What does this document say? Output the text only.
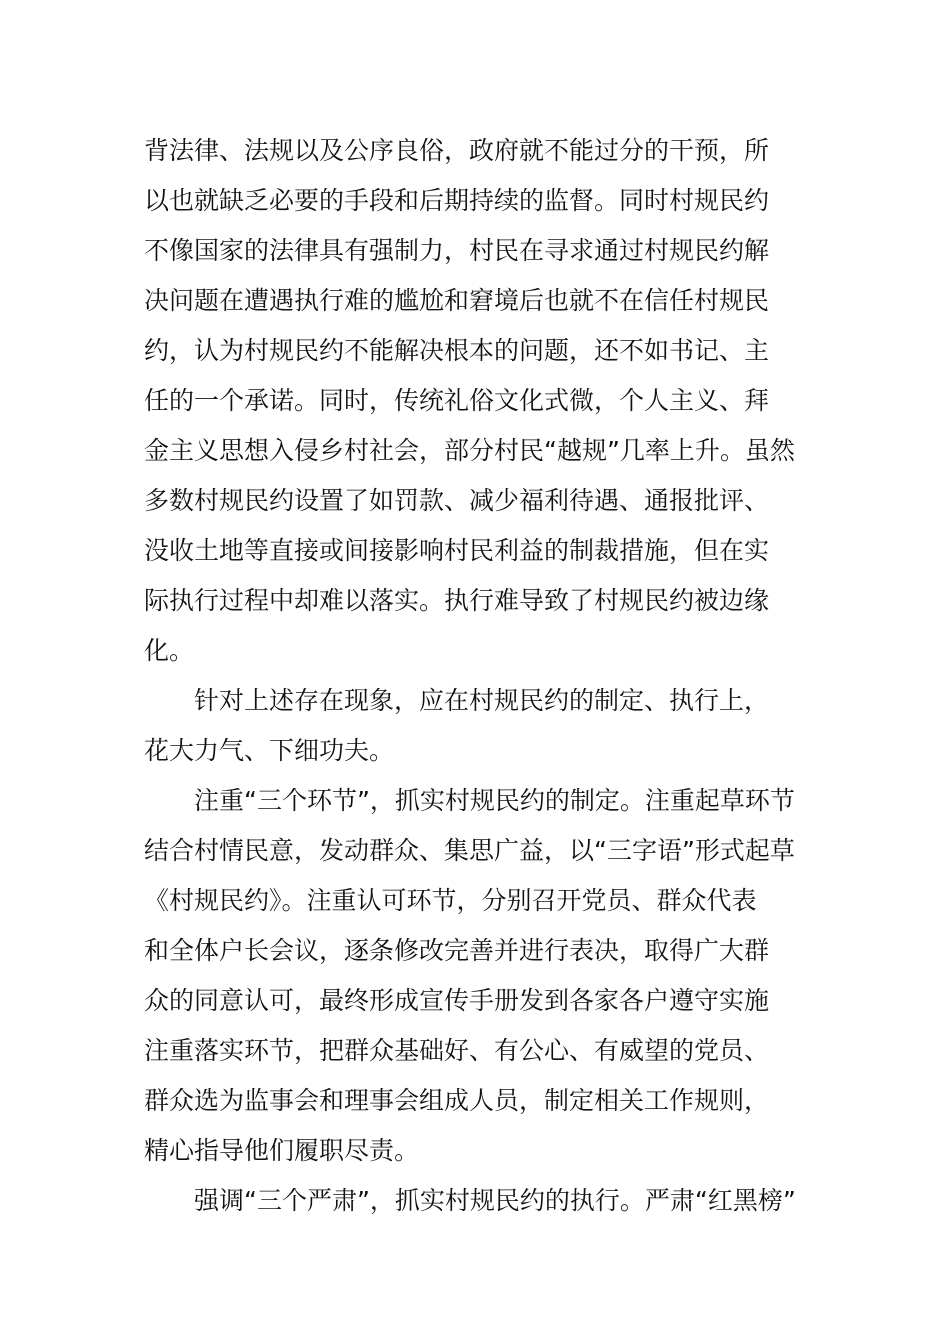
背法律、法规以及公序良俗，政府就不能过分的干预，所
以也就缺乏必要的手段和后期持续的监督。同时村规民约
不像国家的法律具有强制力，村民在寻求通过村规民约解
决问题在遭遇执行难的尴尬和窘境后也就不在信任村规民
约，认为村规民约不能解决根本的问题，还不如书记、主
任的一个承诺。同时，传统礼俗文化式微，个人主义、拜
金主义思想入侵乡村社会，部分村民“越规”几率上升。虽然
多数村规民约设置了如罚款、减少福利待遇、通报批评、
没收土地等直接或间接影响村民利益的制裁措施，但在实
际执行过程中却难以落实。执行难导致了村规民约被边缘
化。
针对上述存在现象，应在村规民约的制定、执行上，
花大力气、下细功夫。
注重“三个环节”，抓实村规民约的制定。注重起草环节
结合村情民意，发动群众、集思广益，以“三字语”形式起草
《村规民约》。注重认可环节，分别召开党员、群众代表
和全体户长会议，逐条修改完善并进行表决，取得广大群
众的同意认可，最终形成宣传手册发到各家各户遵守实施
注重落实环节，把群众基础好、有公心、有威望的党员、
群众选为监事会和理事会组成人员，制定相关工作规则，
精心指导他们履职尽责。
强调“三个严肃”，抓实村规民约的执行。严肃“红黑榜”
